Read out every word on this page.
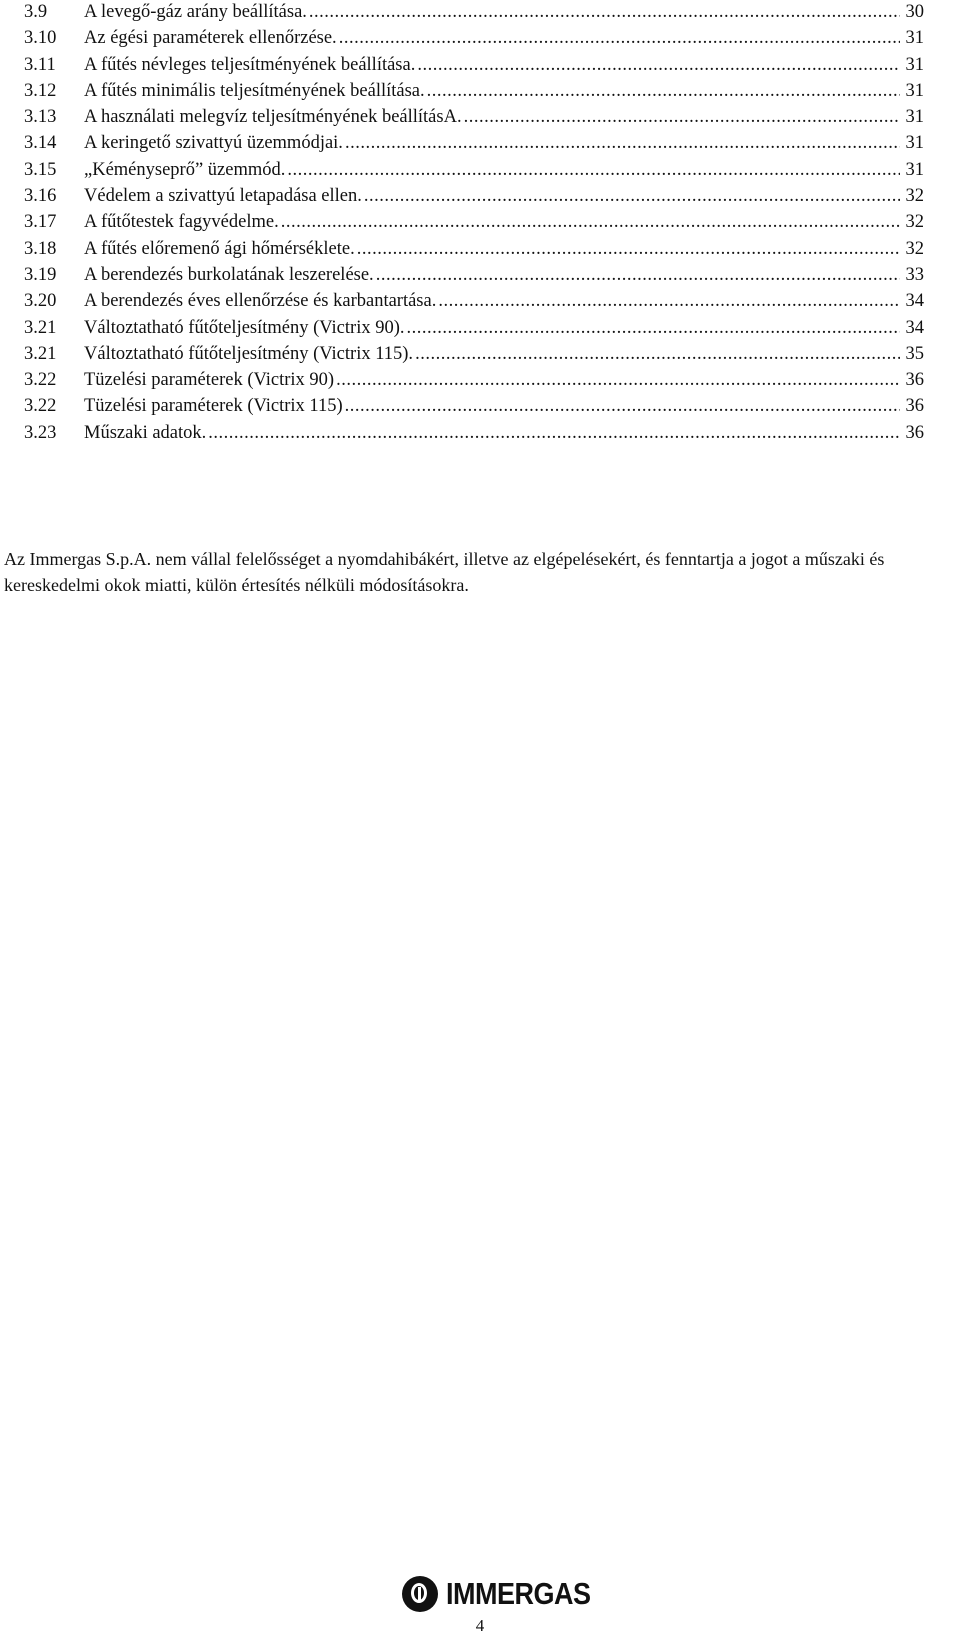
3.9	A levegő-gáz arány beállítása. .....	30
3.10	Az égési paraméterek ellenőrzése. .....	31
3.11	A fűtés névleges teljesítményének beállítása. .....	31
3.12	A fűtés minimális teljesítményének beállítása. .....	31
3.13	A használati melegvíz teljesítményének beállításA. .....	31
3.14	A keringető szivattyú üzemmódjai. .....	31
3.15	„Kéményseprő” üzemmód. .....	31
3.16	Védelem a szivattyú letapadása ellen. .....	32
3.17	A fűtőtestek fagyvédelme. .....	32
3.18	A fűtés előremenő ági hőmérséklete. .....	32
3.19	A berendezés burkolatának leszerelése. .....	33
3.20	A berendezés éves ellenőrzése és karbantartása. .....	34
3.21	Változtatható fűtőteljesítmény (Victrix 90). .....	34
3.21	Változtatható fűtőteljesítmény (Victrix 115). .....	35
3.22	Tüzelési paraméterek (Victrix 90) .....	36
3.22	Tüzelési paraméterek (Victrix 115) .....	36
3.23	Műszaki adatok. .....	36

Az Immergas S.p.A. nem vállal felelősséget a nyomdahibákért, illetve az elgépelésekért, és fenntartja a jogot a műszaki és kereskedelmi okok miatti, külön értesítés nélküli módosításokra.

IMMERGAS
4
